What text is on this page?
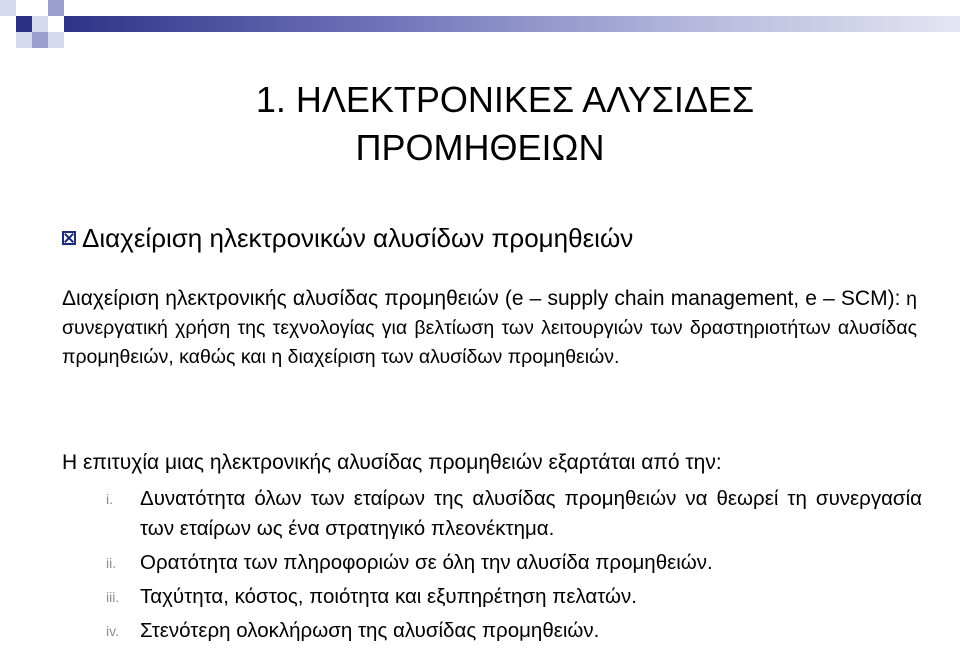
1. ΗΛΕΚΤΡΟΝΙΚΕΣ ΑΛΥΣΙΔΕΣ
ΠΡΟΜΗΘΕΙΩΝ
Διαχείριση ηλεκτρονικών αλυσίδων προμηθειών
Διαχείριση ηλεκτρονικής αλυσίδας προμηθειών (e – supply chain management, e – SCM): η συνεργατική χρήση της τεχνολογίας για βελτίωση των λειτουργιών των δραστηριοτήτων αλυσίδας προμηθειών, καθώς και η διαχείριση των αλυσίδων προμηθειών.
Η επιτυχία μιας ηλεκτρονικής αλυσίδας προμηθειών εξαρτάται από την:
i.	Δυνατότητα όλων των εταίρων της αλυσίδας προμηθειών να θεωρεί τη συνεργασία των εταίρων ως ένα στρατηγικό πλεονέκτημα.
ii.	Ορατότητα των πληροφοριών σε όλη την αλυσίδα προμηθειών.
iii.	Ταχύτητα, κόστος, ποιότητα και εξυπηρέτηση πελατών.
iv.	Στενότερη ολοκλήρωση της αλυσίδας προμηθειών.
